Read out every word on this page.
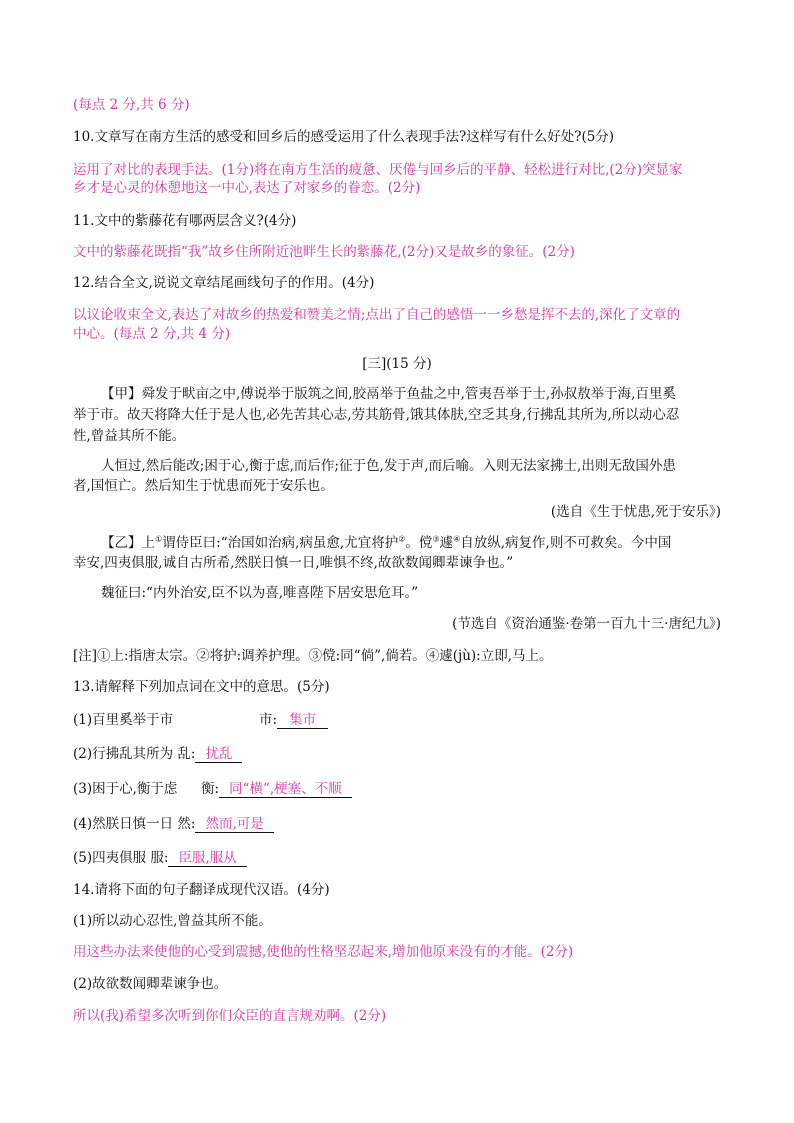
(每点 2 分,共 6 分)
10.文章写在南方生活的感受和回乡后的感受运用了什么表现手法?这样写有什么好处?(5分)
运用了对比的表现手法。(1分)将在南方生活的疲惫、厌倦与回乡后的平静、轻松进行对比,(2分)突显家
乡才是心灵的休憩地这一中心,表达了对家乡的眷恋。(2分)
11.文中的紫藤花有哪两层含义?(4分)
文中的紫藤花既指“我”故乡住所附近池畔生长的紫藤花,(2分)又是故乡的象征。(2分)
12.结合全文,说说文章结尾画线句子的作用。(4分)
以议论收束全文,表达了对故乡的热爱和赞美之情;点出了自己的感悟一一乡愁是挥不去的,深化了文章的
中心。(每点 2 分,共 4 分)
[三](15 分)
【甲】舜发于畎亩之中,傅说举于版筑之间,胶鬲举于鱼盐之中,管夷吾举于士,孙叔敖举于海,百里奚
举于市。故天将降大任于是人也,必先苦其心志,劳其筋骨,饿其体肤,空乏其身,行拂乱其所为,所以动心忍
性,曾益其所不能。
人恒过,然后能改;困于心,衡于虑,而后作;征于色,发于声,而后喻。入则无法家拂士,出则无敌国外患
者,国恒亡。然后知生于忧患而死于安乐也。
(选自《生于忧患,死于安乐》)
【乙】上①谓侍臣曰:“治国如治病,病虽愈,尤宜将护②。傥③遽④自放纵,病复作,则不可救矣。今中国
幸安,四夷俱服,诚自古所希,然朕日慎一日,唯惧不终,故欲数闻卿辈谏争也。”
魏征曰:“内外治安,臣不以为喜,唯喜陛下居安思危耳。”
(节选自《资治通鉴·卷第一百九十三·唐纪九》)
[注]①上:指唐太宗。②将护:调养护理。③傥:同“倘”,倘若。④遽(jù):立即,马上。
13.请解释下列加点词在文中的意思。(5分)
(1)百里奚举于市	市: 集市
(2)行拂乱其所为 乱: 扰乱
(3)困于心,衡于虑 衡: 同“横”,梗塞、不顺
(4)然朕日慎一日 然: 然而,可是
(5)四夷俱服 服: 臣服,服从
14.请将下面的句子翻译成现代汉语。(4分)
(1)所以动心忍性,曾益其所不能。
用这些办法来使他的心受到震撼,使他的性格坚忍起来,增加他原来没有的才能。(2分)
(2)故欲数闻卿辈谏争也。
所以(我)希望多次听到你们众臣的直言规劝啊。(2分)
